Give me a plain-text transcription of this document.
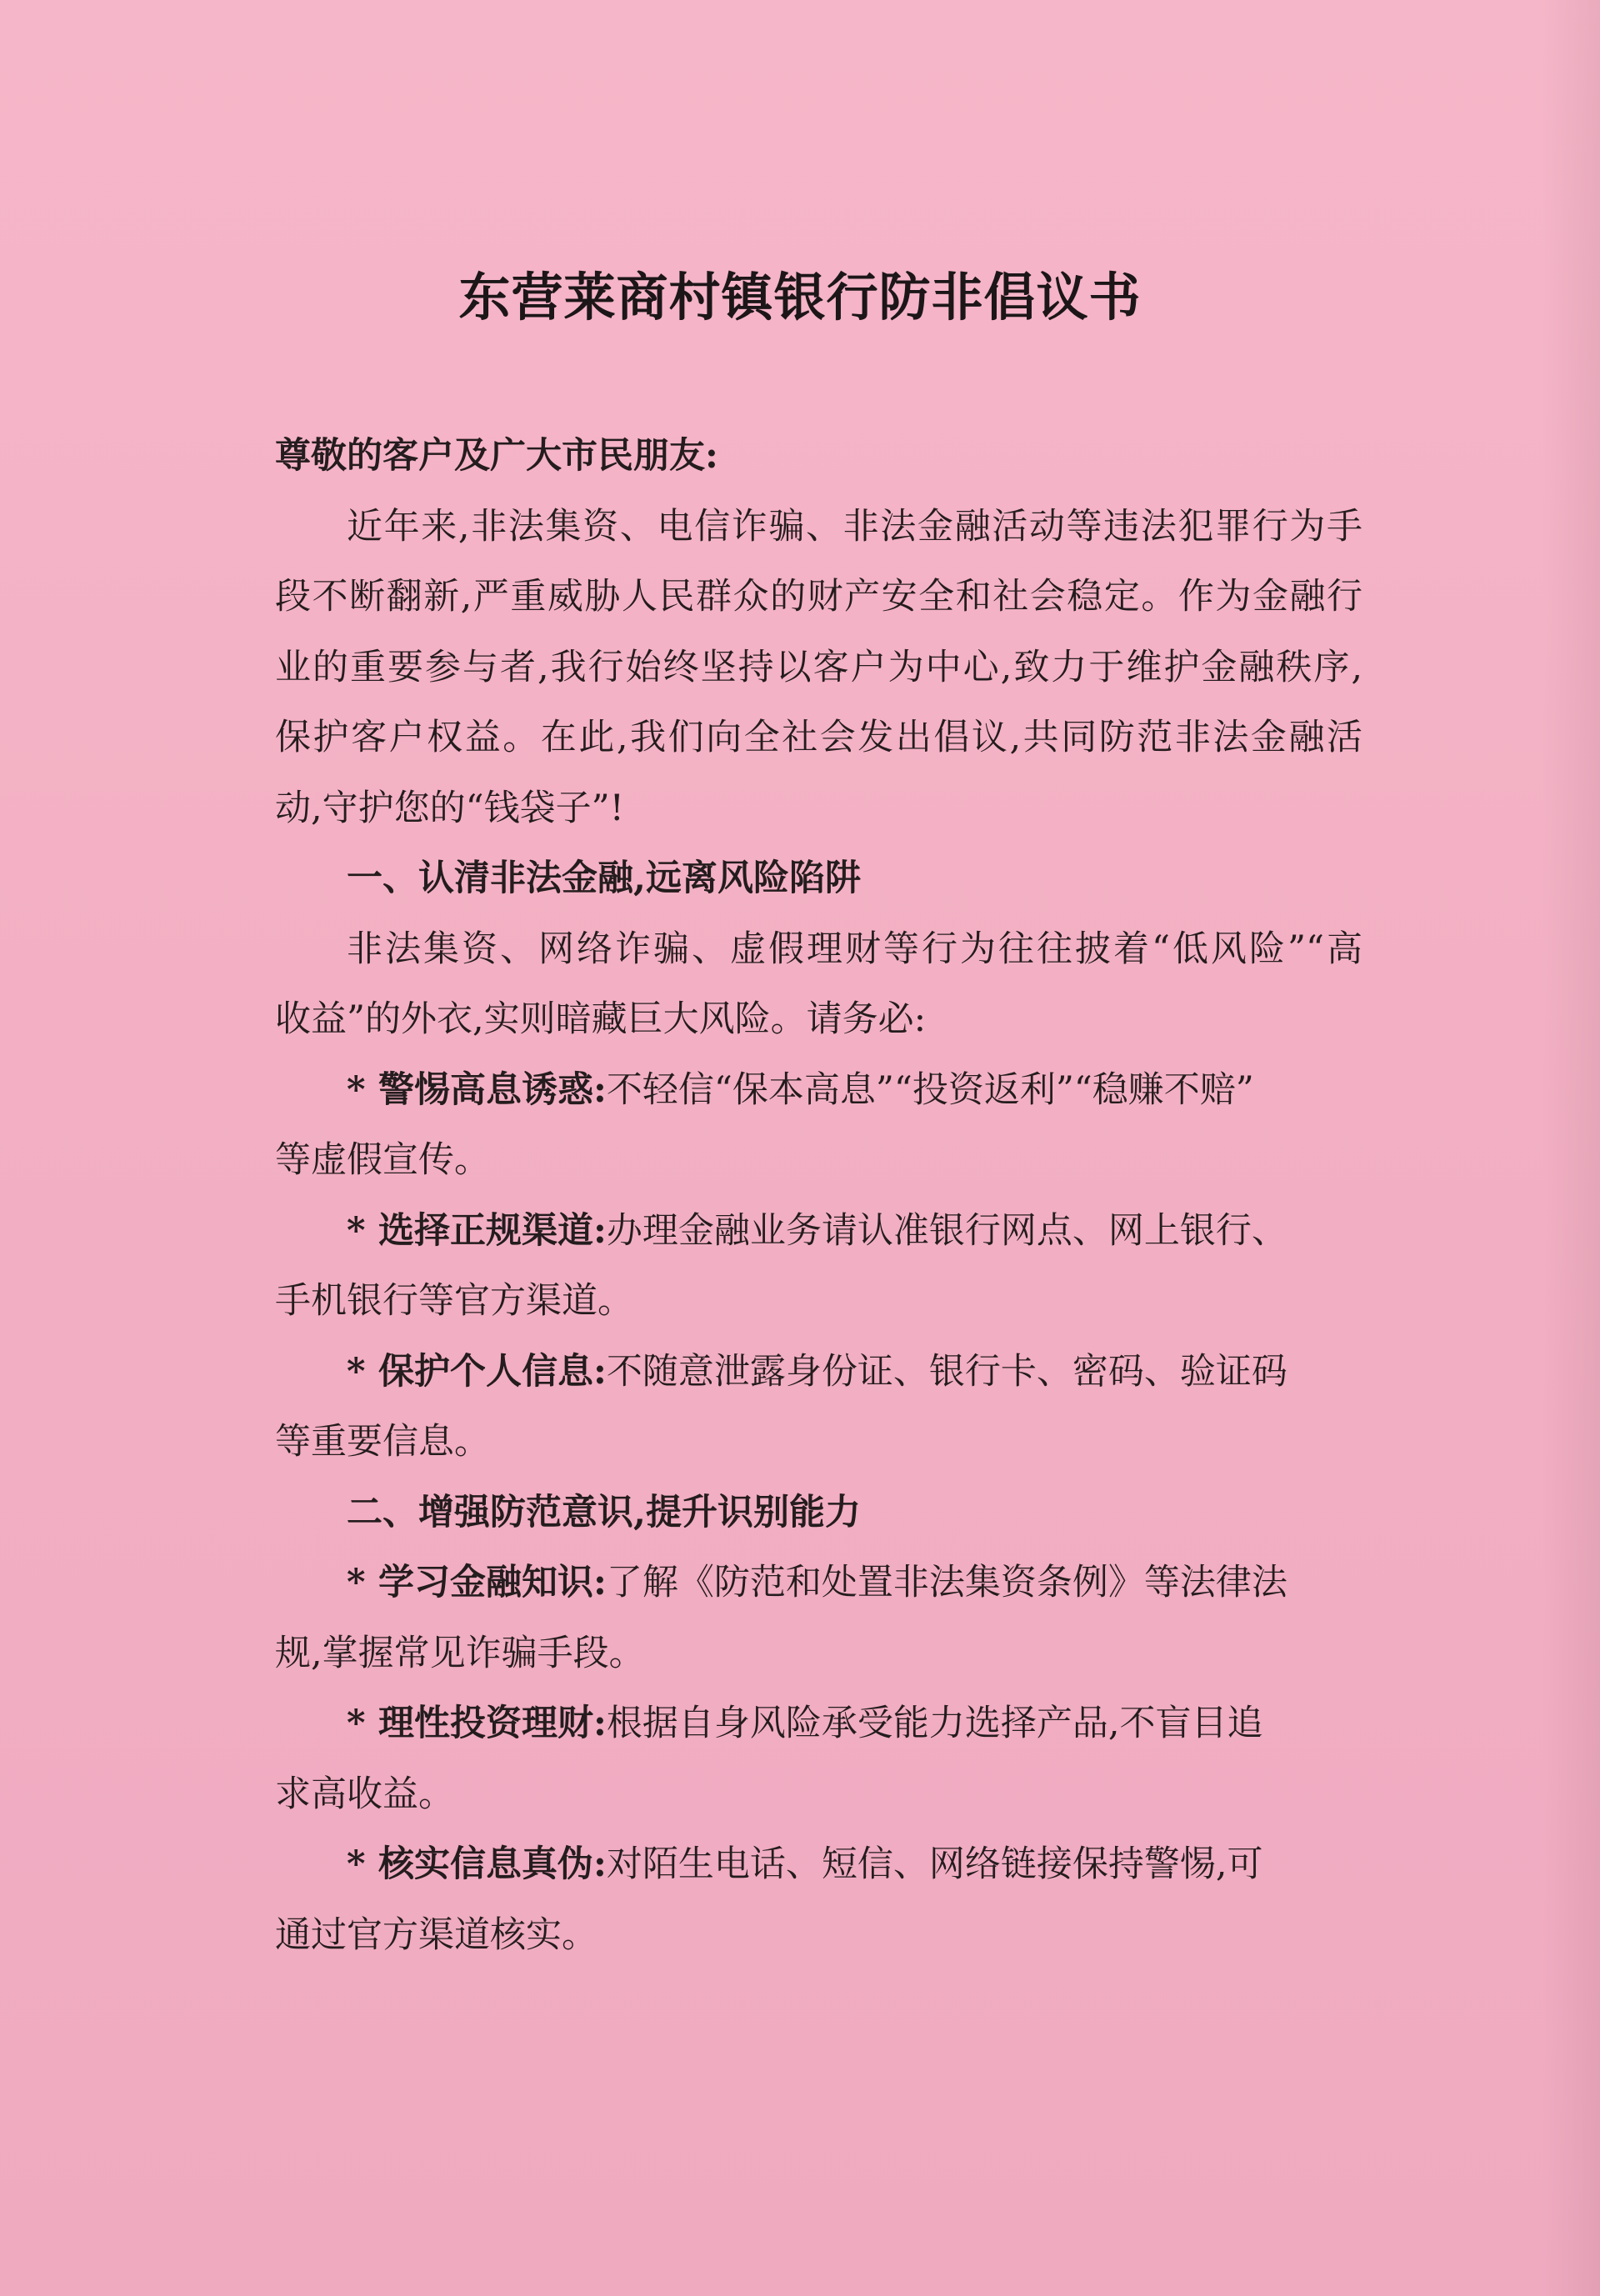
东营莱商村镇银行防非倡议书
尊敬的客户及广大市民朋友:
近年来,非法集资、电信诈骗、非法金融活动等违法犯罪行为手
段不断翻新,严重威胁人民群众的财产安全和社会稳定。作为金融行
业的重要参与者,我行始终坚持以客户为中心,致力于维护金融秩序,
保护客户权益。在此,我们向全社会发出倡议,共同防范非法金融活
动,守护您的“钱袋子”!
一、认清非法金融,远离风险陷阱
非法集资、网络诈骗、虚假理财等行为往往披着“低风险”“高
收益”的外衣,实则暗藏巨大风险。请务必:
* 警惕高息诱惑:不轻信“保本高息”“投资返利”“稳赚不赔”
等虚假宣传。
* 选择正规渠道:办理金融业务请认准银行网点、网上银行、
手机银行等官方渠道。
* 保护个人信息:不随意泄露身份证、银行卡、密码、验证码
等重要信息。
二、增强防范意识,提升识别能力
* 学习金融知识:了解《防范和处置非法集资条例》等法律法
规,掌握常见诈骗手段。
* 理性投资理财:根据自身风险承受能力选择产品,不盲目追
求高收益。
* 核实信息真伪:对陌生电话、短信、网络链接保持警惕,可
通过官方渠道核实。
